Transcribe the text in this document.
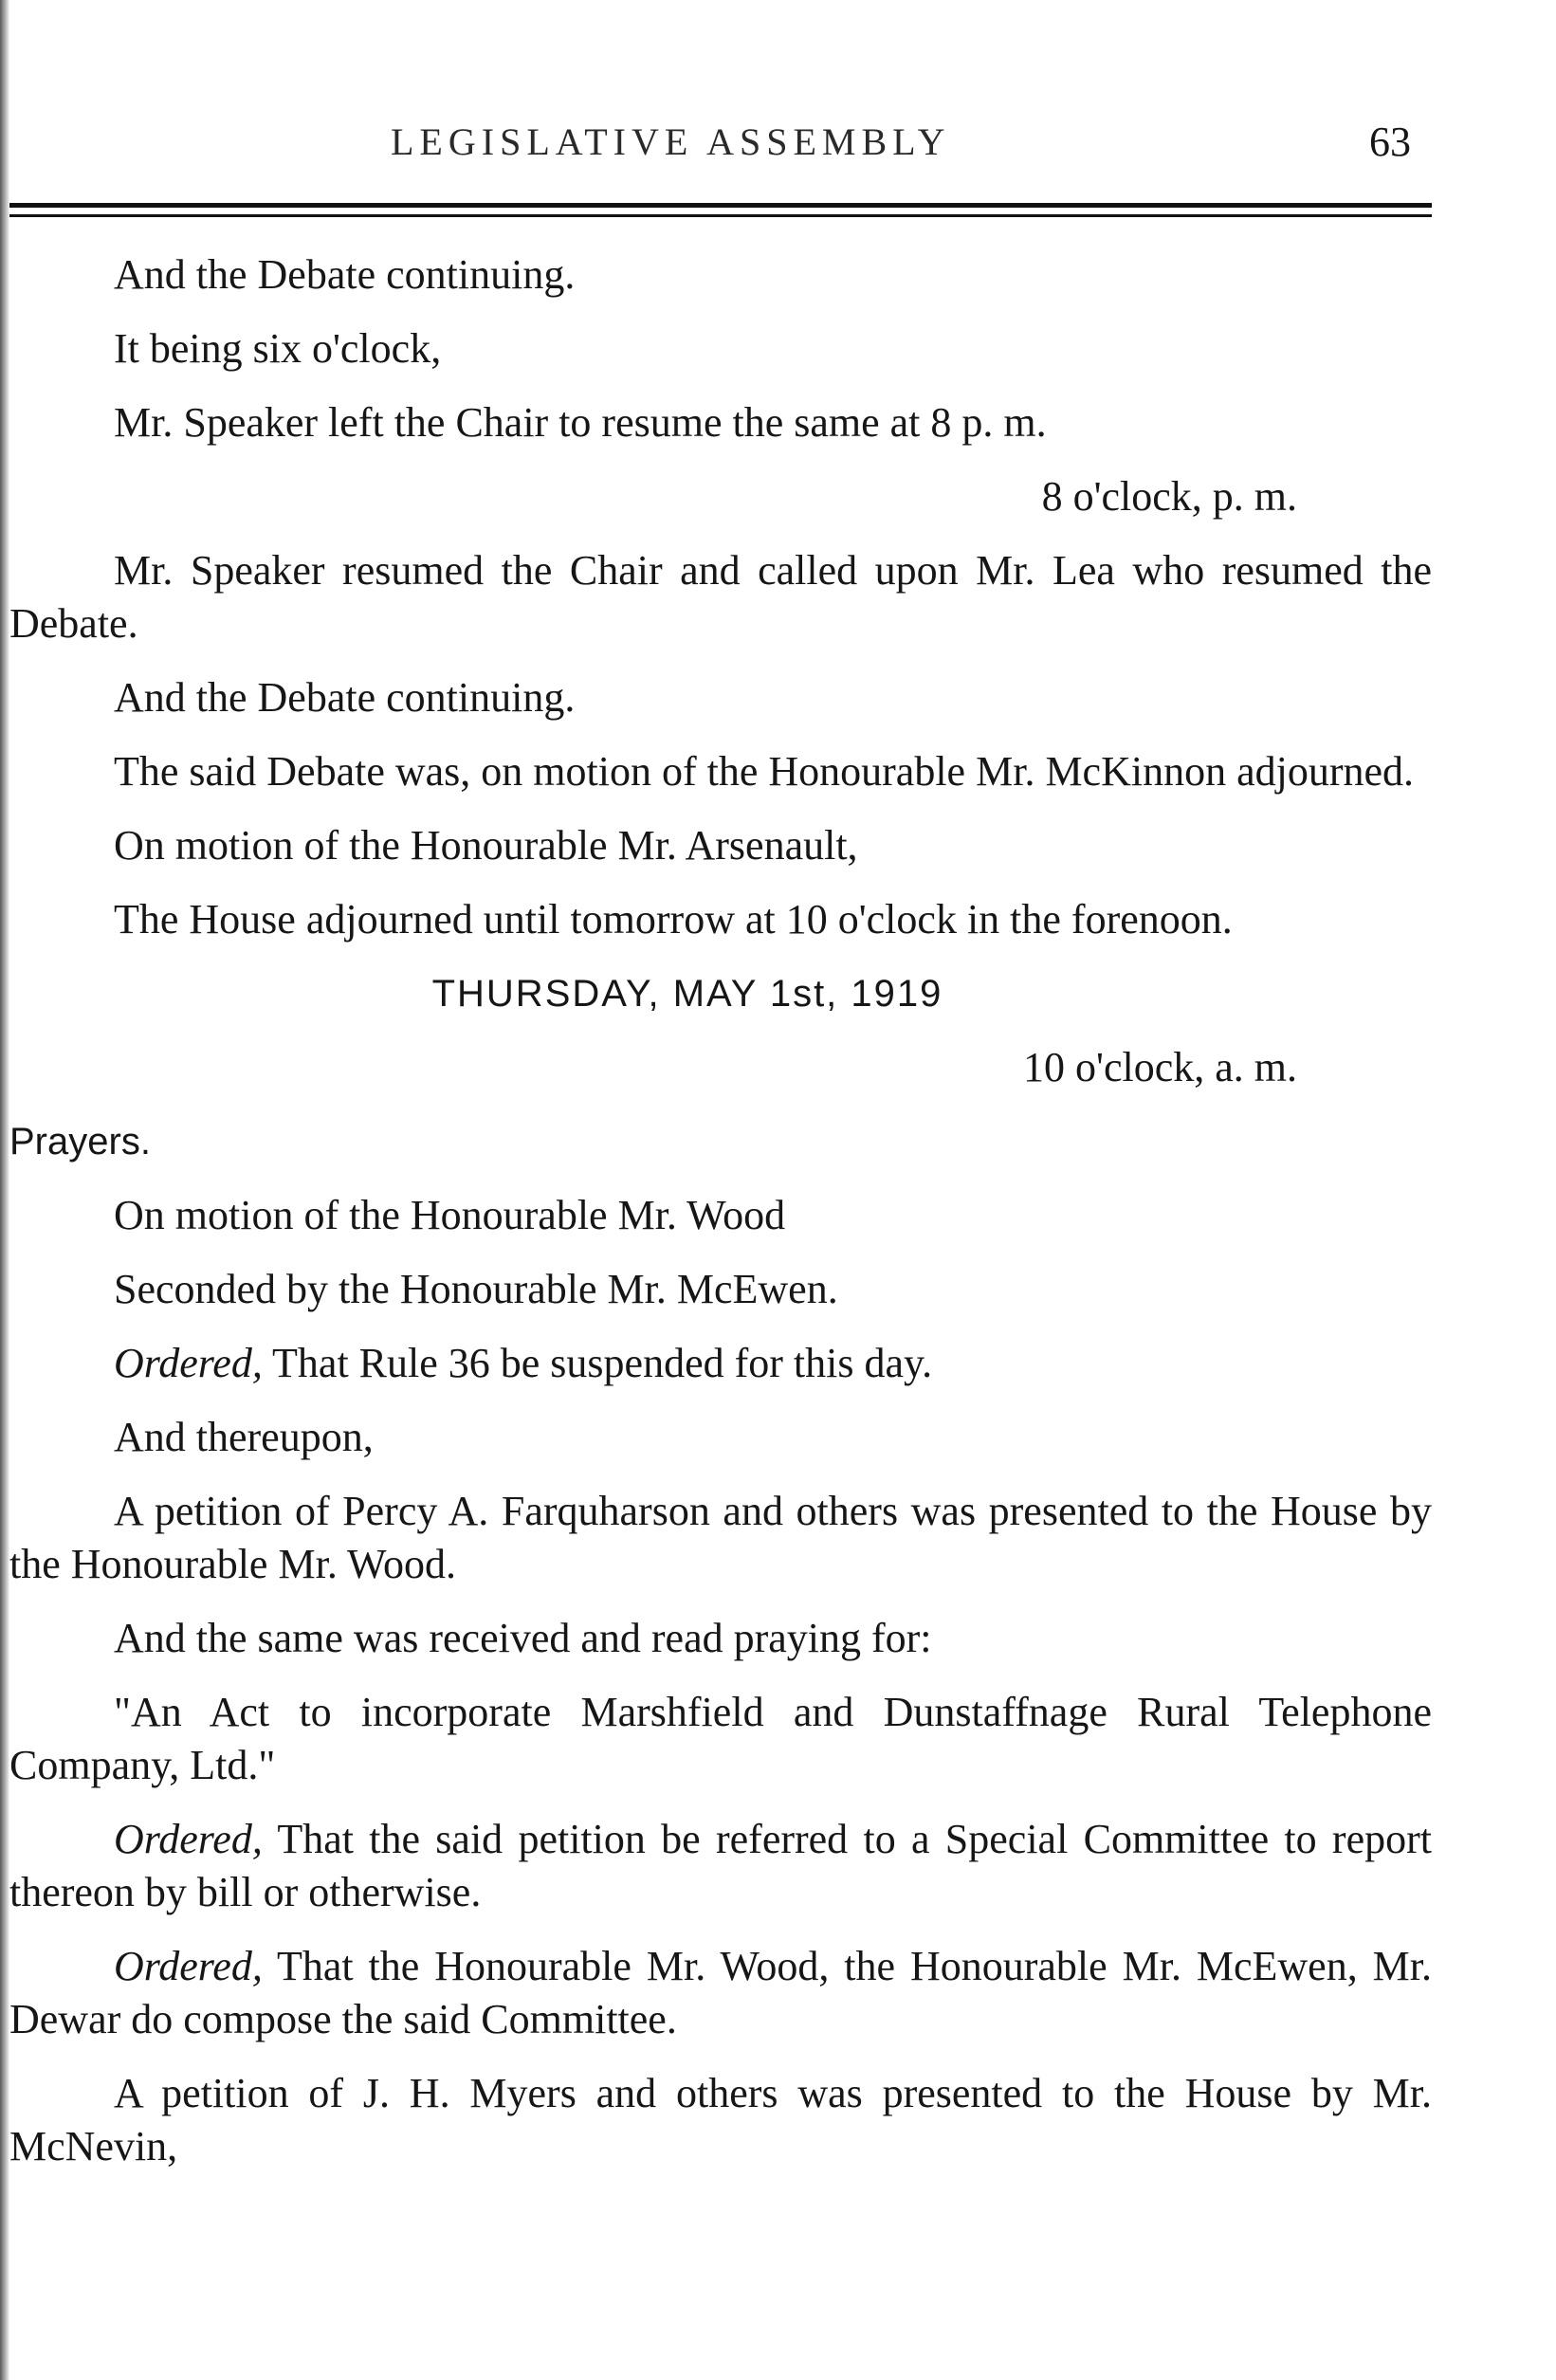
LEGISLATIVE ASSEMBLY	63

And the Debate continuing.

It being six o'clock,

Mr. Speaker left the Chair to resume the same at 8 p. m.

8 o'clock, p. m.

Mr. Speaker resumed the Chair and called upon Mr. Lea who resumed the Debate.

And the Debate continuing.

The said Debate was, on motion of the Honourable Mr. McKinnon adjourned.

On motion of the Honourable Mr. Arsenault,

The House adjourned until tomorrow at 10 o'clock in the forenoon.

THURSDAY, MAY 1st, 1919

10 o'clock, a. m.

Prayers.

On motion of the Honourable Mr. Wood

Seconded by the Honourable Mr. McEwen.

Ordered, That Rule 36 be suspended for this day.

And thereupon,

A petition of Percy A. Farquharson and others was presented to the House by the Honourable Mr. Wood.

And the same was received and read praying for:

"An Act to incorporate Marshfield and Dunstaffnage Rural Telephone Company, Ltd."

Ordered, That the said petition be referred to a Special Committee to report thereon by bill or otherwise.

Ordered, That the Honourable Mr. Wood, the Honourable Mr. McEwen, Mr. Dewar do compose the said Committee.

A petition of J. H. Myers and others was presented to the House by Mr. McNevin,
